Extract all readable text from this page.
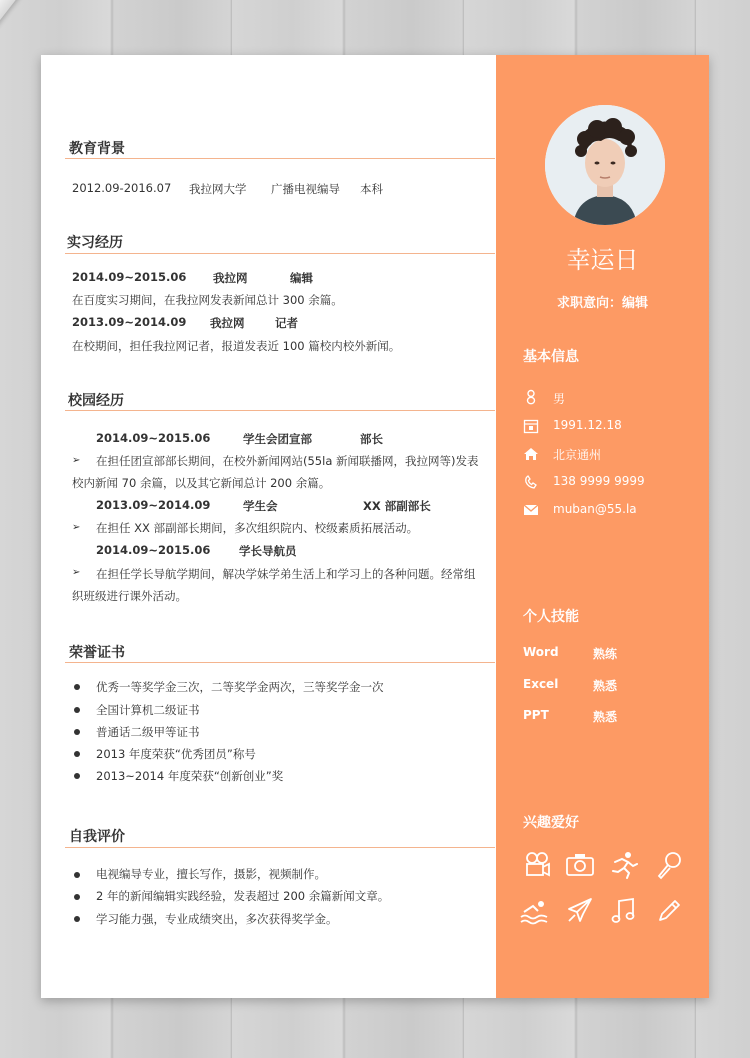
教育背景
2012.09-2016.07 我拉网大学 广播电视编导 本科
实习经历
2014.09~2015.06 我拉网	编辑
在百度实习期间，在我拉网发表新闻总计 300 余篇。
2013.09~2014.09 我拉网	记者
在校期间，担任我拉网记者，报道发表近 100 篇校内校外新闻。
校园经历
2014.09~2015.06	学生会团宣部	部长
➢ 在担任团宣部部长期间，在校外新闻网站(55la 新闻联播网，我拉网等)发表
校内新闻 70 余篇，以及其它新闻总计 200 余篇。
2013.09~2014.09	学生会	XX 部副部长
➢ 在担任 XX 部副部长期间，多次组织院内、校级素质拓展活动。
2014.09~2015.06 学长导航员
➢ 在担任学长导航学期间，解决学妹学弟生活上和学习上的各种问题。经常组
织班级进行课外活动。
荣誉证书
优秀一等奖学金三次，二等奖学金两次，三等奖学金一次
全国计算机二级证书
普通话二级甲等证书
2013 年度荣获“优秀团员”称号
2013~2014 年度荣获“创新创业”奖
自我评价
电视编导专业，擅长写作，摄影，视频制作。
2 年的新闻编辑实践经验，发表超过 200 余篇新闻文章。
学习能力强，专业成绩突出，多次获得奖学金。
幸运日
求职意向：编辑
基本信息
男
1991.12.18
北京通州
138 9999 9999
muban@55.la
个人技能
Word	熟练
Excel	熟悉
PPT	熟悉
兴趣爱好
